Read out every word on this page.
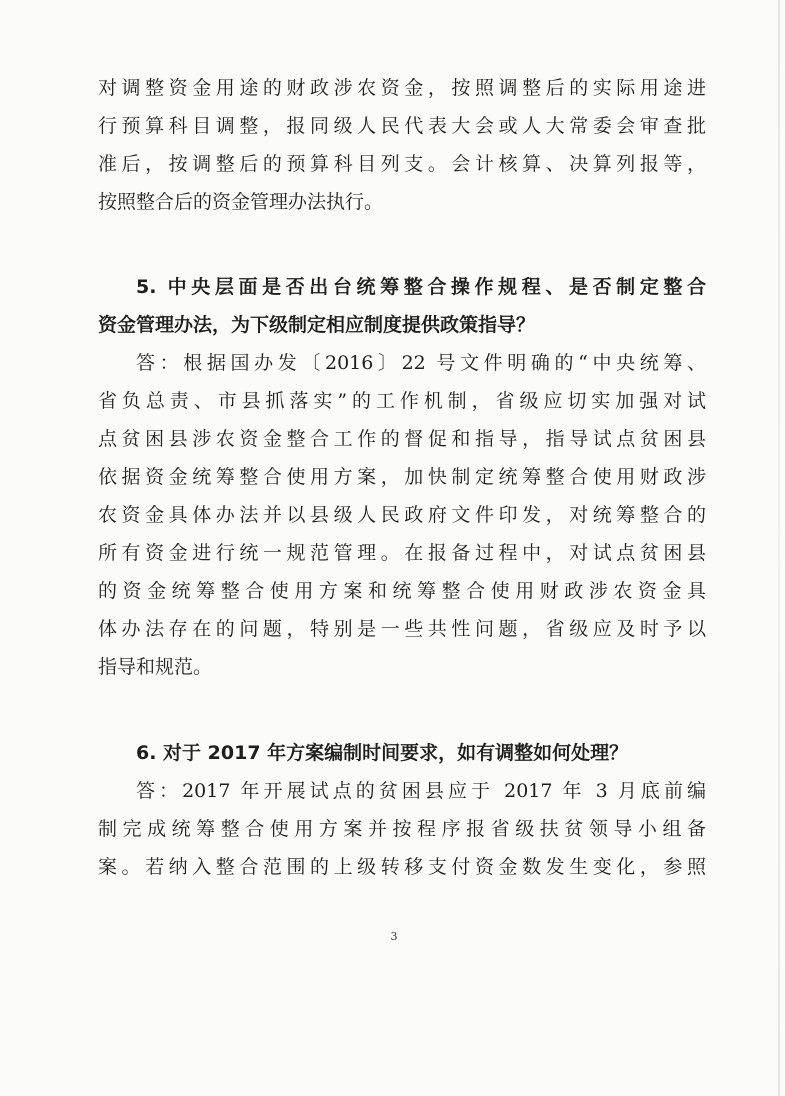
对调整资金用途的财政涉农资金，按照调整后的实际用途进
行预算科目调整，报同级人民代表大会或人大常委会审查批
准后，按调整后的预算科目列支。会计核算、决算列报等，
按照整合后的资金管理办法执行。
5. 中央层面是否出台统筹整合操作规程、是否制定整合
资金管理办法，为下级制定相应制度提供政策指导？
答：根据国办发〔2016〕22 号文件明确的“中央统筹、
省负总责、市县抓落实”的工作机制，省级应切实加强对试
点贫困县涉农资金整合工作的督促和指导，指导试点贫困县
依据资金统筹整合使用方案，加快制定统筹整合使用财政涉
农资金具体办法并以县级人民政府文件印发，对统筹整合的
所有资金进行统一规范管理。在报备过程中，对试点贫困县
的资金统筹整合使用方案和统筹整合使用财政涉农资金具
体办法存在的问题，特别是一些共性问题，省级应及时予以
指导和规范。
6. 对于 2017 年方案编制时间要求，如有调整如何处理？
答：2017 年开展试点的贫困县应于 2017 年 3 月底前编
制完成统筹整合使用方案并按程序报省级扶贫领导小组备
案。若纳入整合范围的上级转移支付资金数发生变化，参照
3
